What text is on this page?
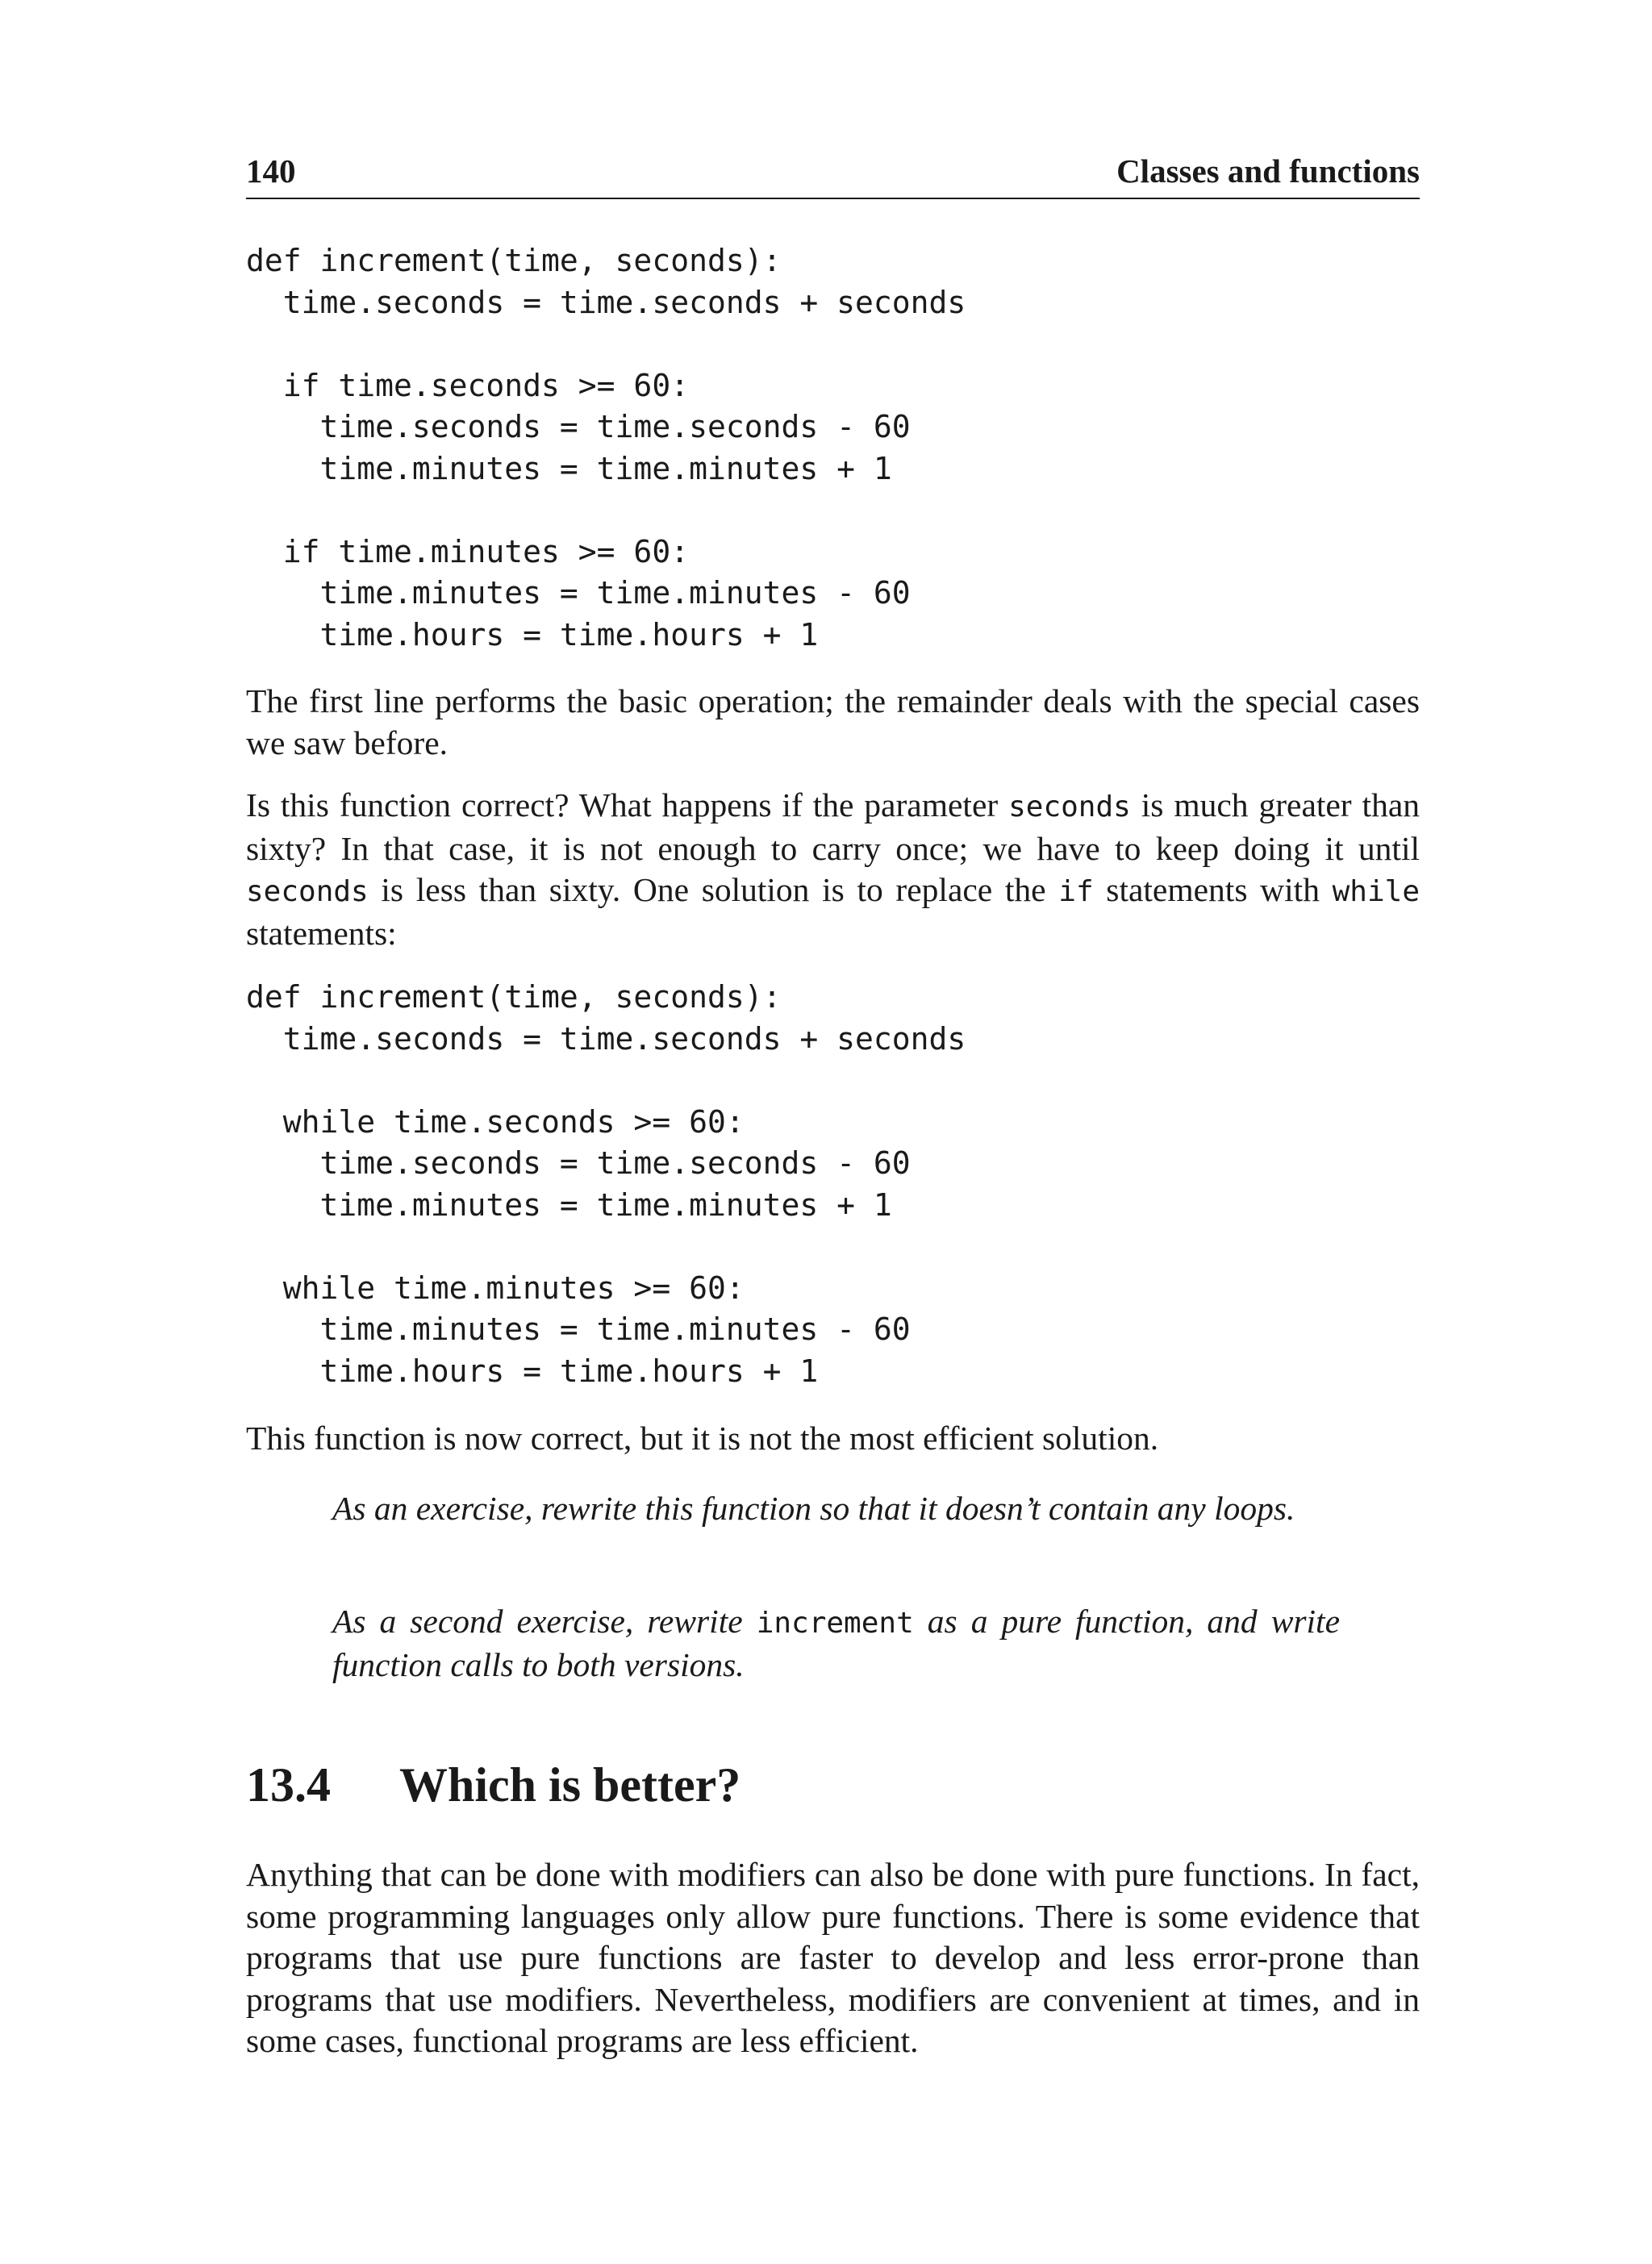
140	Classes and functions
def increment(time, seconds):
time.seconds = time.seconds + seconds

if time.seconds >= 60:
time.seconds = time.seconds - 60
time.minutes = time.minutes + 1

if time.minutes >= 60:
time.minutes = time.minutes - 60
time.hours = time.hours + 1

The first line performs the basic operation; the remainder deals with the special cases we saw before.

Is this function correct? What happens if the parameter seconds is much greater than sixty? In that case, it is not enough to carry once; we have to keep doing it until seconds is less than sixty. One solution is to replace the if statements with while statements:

def increment(time, seconds):
time.seconds = time.seconds + seconds

while time.seconds >= 60:
time.seconds = time.seconds - 60
time.minutes = time.minutes + 1

while time.minutes >= 60:
time.minutes = time.minutes - 60
time.hours = time.hours + 1

This function is now correct, but it is not the most efficient solution.

As an exercise, rewrite this function so that it doesn’t contain any loops.

As a second exercise, rewrite increment as a pure function, and write function calls to both versions.

13.4 Which is better?

Anything that can be done with modifiers can also be done with pure functions. In fact, some programming languages only allow pure functions. There is some evidence that programs that use pure functions are faster to develop and less error-prone than programs that use modifiers. Nevertheless, modifiers are convenient at times, and in some cases, functional programs are less efficient.
